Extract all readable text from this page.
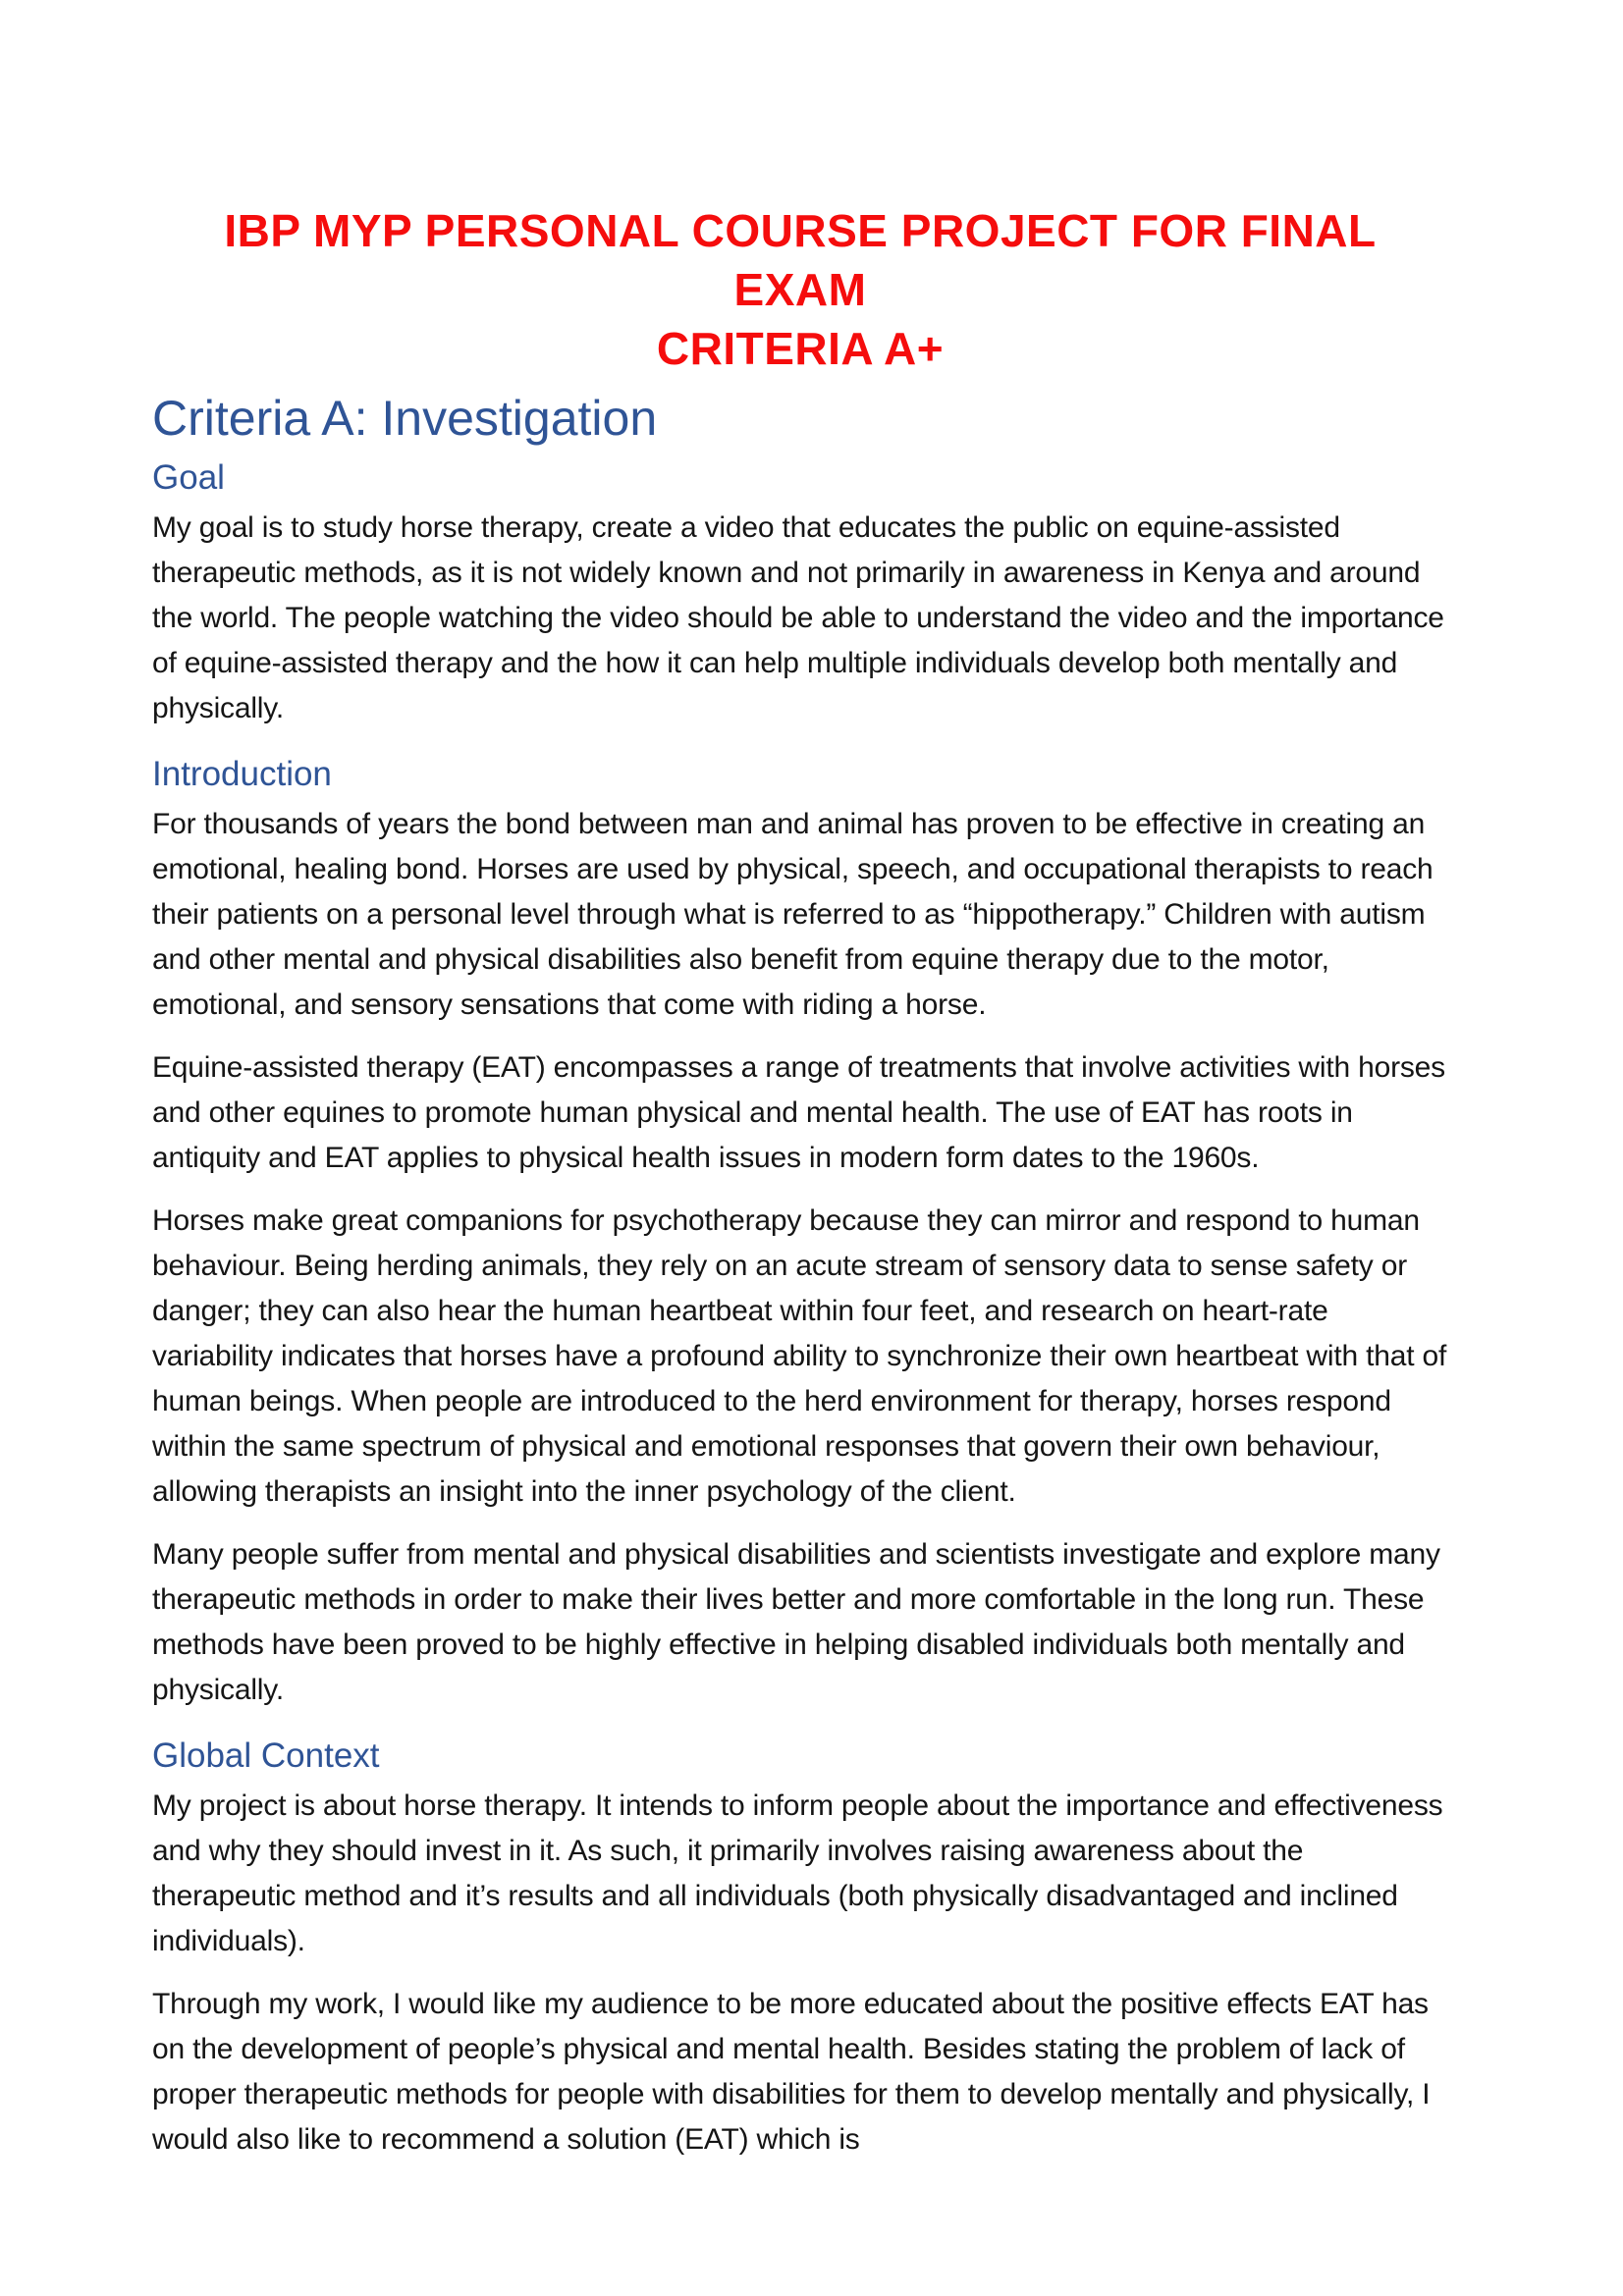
IBP MYP PERSONAL COURSE PROJECT FOR FINAL EXAM
CRITERIA A+
Criteria A: Investigation
Goal

My goal is to study horse therapy, create a video that educates the public on equine-assisted therapeutic methods, as it is not widely known and not primarily in awareness in Kenya and around the world. The people watching the video should be able to understand the video and the importance of equine-assisted therapy and the how it can help multiple individuals develop both mentally and physically.

Introduction

For thousands of years the bond between man and animal has proven to be effective in creating an emotional, healing bond. Horses are used by physical, speech, and occupational therapists to reach their patients on a personal level through what is referred to as “hippotherapy.” Children with autism and other mental and physical disabilities also benefit from equine therapy due to the motor, emotional, and sensory sensations that come with riding a horse.

Equine-assisted therapy (EAT) encompasses a range of treatments that involve activities with horses and other equines to promote human physical and mental health. The use of EAT has roots in antiquity and EAT applies to physical health issues in modern form dates to the 1960s.

Horses make great companions for psychotherapy because they can mirror and respond to human behaviour. Being herding animals, they rely on an acute stream of sensory data to sense safety or danger; they can also hear the human heartbeat within four feet, and research on heart-rate variability indicates that horses have a profound ability to synchronize their own heartbeat with that of human beings. When people are introduced to the herd environment for therapy, horses respond within the same spectrum of physical and emotional responses that govern their own behaviour, allowing therapists an insight into the inner psychology of the client.

Many people suffer from mental and physical disabilities and scientists investigate and explore many therapeutic methods in order to make their lives better and more comfortable in the long run. These methods have been proved to be highly effective in helping disabled individuals both mentally and physically.

Global Context

My project is about horse therapy. It intends to inform people about the importance and effectiveness and why they should invest in it. As such, it primarily involves raising awareness about the therapeutic method and it’s results and all individuals (both physically disadvantaged and inclined individuals).

Through my work, I would like my audience to be more educated about the positive effects EAT has on the development of people’s physical and mental health. Besides stating the problem of lack of proper therapeutic methods for people with disabilities for them to develop mentally and physically, I would also like to recommend a solution (EAT) which is
